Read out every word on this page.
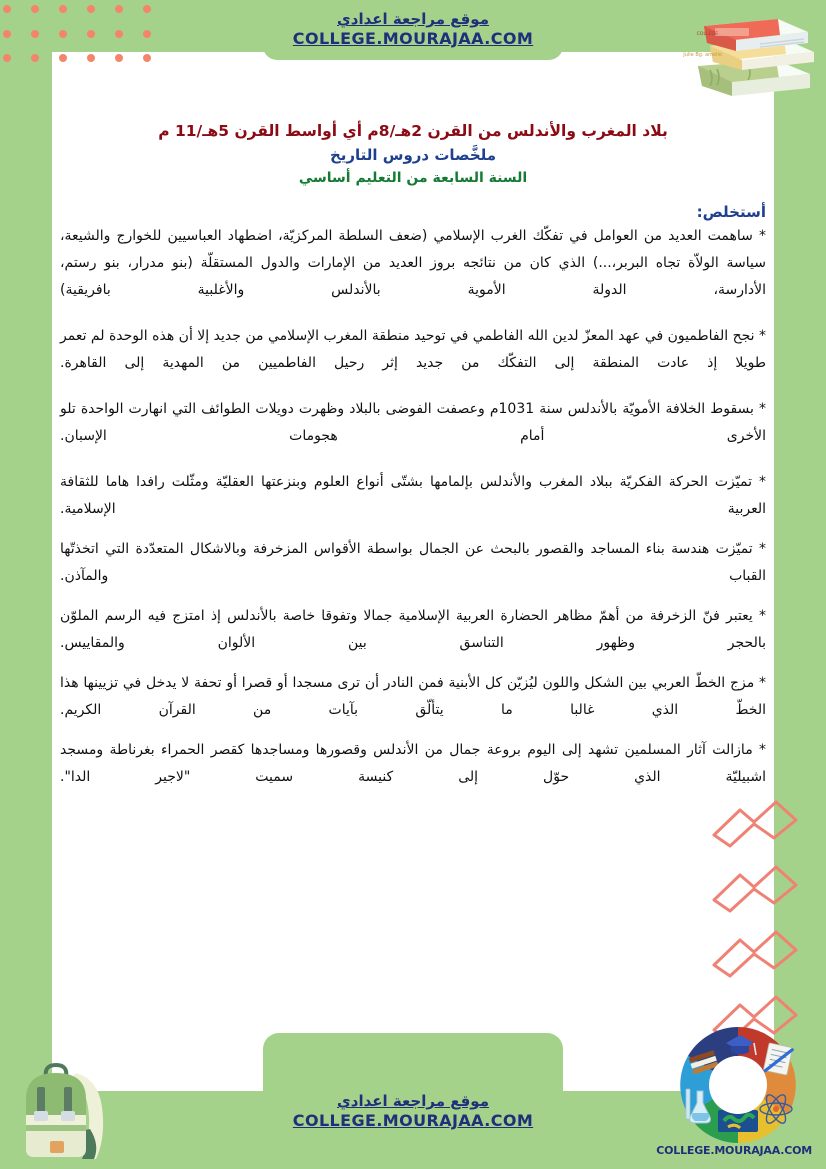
Julie Bg. amelie
COLLEGE
COLLEGE.MOURAJAA.COM
موقع مراجعة اعدادي
COLLEGE.MOURAJAA.COM
موقع مراجعة اعدادي
COLLEGE.MOURAJAA.COM
بلاد المغرب والأندلس من القرن 2هـ/8م أي أواسط القرن 5هـ/11 م
ملخَّصات دروس التاريخ
السنة السابعة من التعليم أساسي
أستخلص:

* ساهمت العديد من العوامل في تفكّك الغرب الإسلامي (ضعف السلطة المركزيّة، اضطهاد العباسيين للخوارج والشيعة، سياسة الولاّة تجاه البربر،...) الذي كان من نتائجه بروز العديد من الإمارات والدول المستقلّة (بنو مدرار، بنو رستم، الأدارسة، الدولة الأموية بالأندلس والأغلبية بافريقية)

* نجح الفاطميون في عهد المعزّ لدين الله الفاطمي في توحيد منطقة المغرب الإسلامي من جديد إلا أن هذه الوحدة لم تعمر طويلا إذ عادت المنطقة إلى التفكّك من جديد إثر رحيل الفاطميين من المهدية إلى القاهرة.

* بسقوط الخلافة الأمويّة بالأندلس سنة 1031م وعصفت الفوضى بالبلاد وظهرت دويلات الطوائف التي انهارت الواحدة تلو الأخرى أمام هجومات الإسبان.

* تميّزت الحركة الفكريّة ببلاد المغرب والأندلس بإلمامها بشتّى أنواع العلوم وبنزعتها العقليّة ومثّلت رافدا هاما للثقافة العربية الإسلامية.

* تميّزت هندسة بناء المساجد والقصور بالبحث عن الجمال بواسطة الأقواس المزخرفة وبالاشكال المتعدّدة التي اتخذتّها القباب والمآذن.

* يعتبر فنّ الزخرفة من أهمّ مظاهر الحضارة العربية الإسلامية جمالا وتفوقا خاصة بالأندلس إذ امتزج فيه الرسم الملوّن بالحجر وظهور التناسق بين الألوان والمقاييس.

* مزج الخطّ العربي بين الشكل واللون ليُزيّن كل الأبنية فمن النادر أن ترى مسجدا أو قصرا أو تحفة لا يدخل في تزيينها هذا الخطّ الذي غالبا ما يتألّق بآيات من القرآن الكريم.

* مازالت آثار المسلمين تشهد إلى اليوم بروعة جمال من الأندلس وقصورها ومساجدها كقصر الحمراء بغرناطة ومسجد اشبيليّة الذي حوّل إلى كنيسة سميت "لاجير الدا".
